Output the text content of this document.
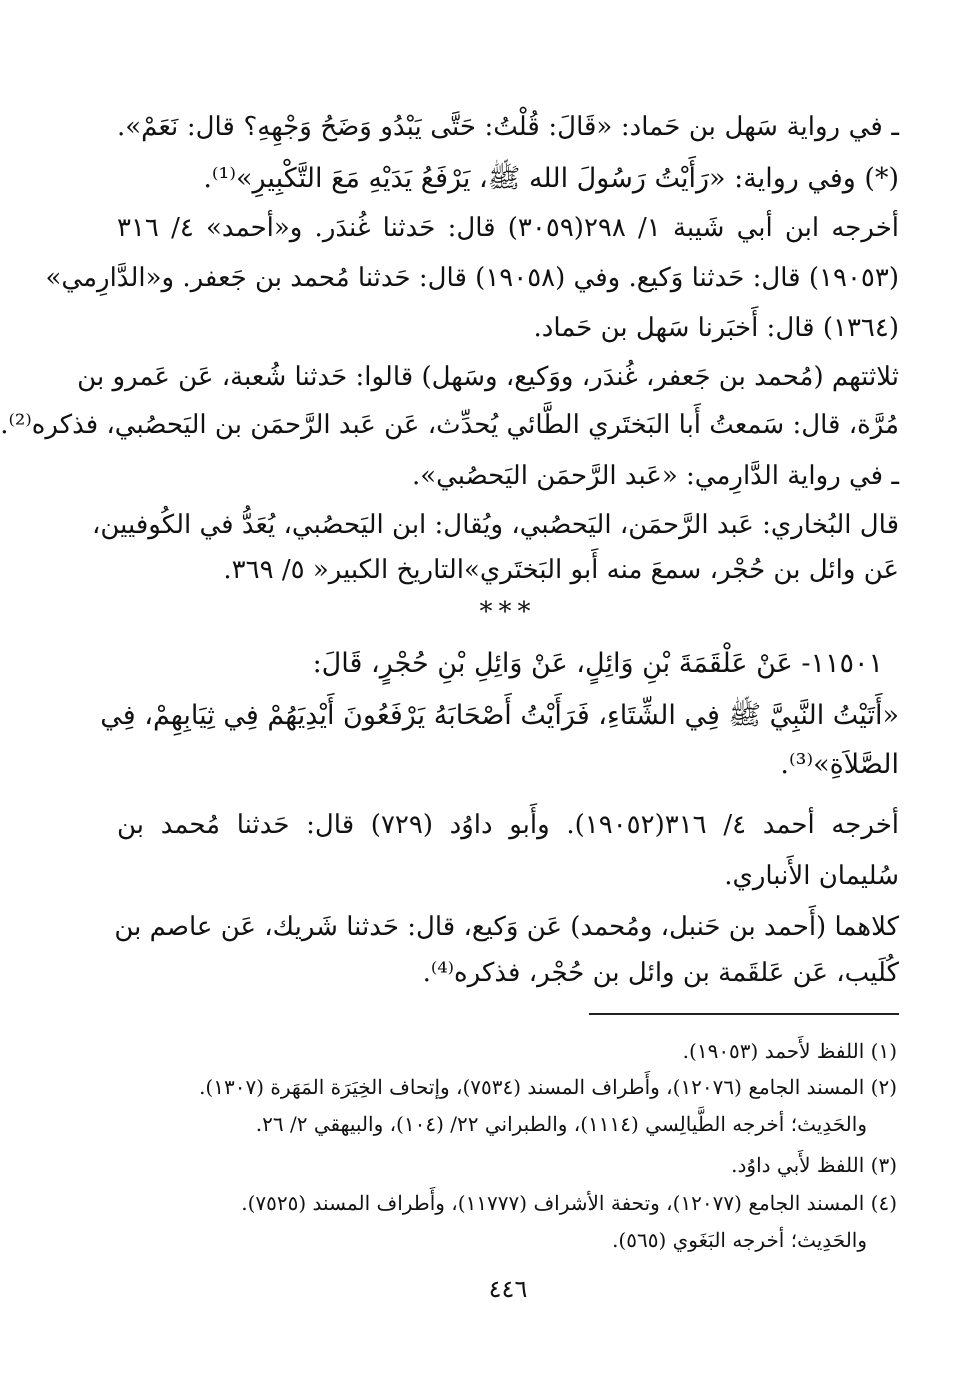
ـ في رواية سَهل بن حَماد: «قَالَ: قُلْتُ: حَتَّى يَبْدُو وَضَحُ وَجْهِهِ؟ قال: نَعَمْ».
(*) وفي رواية: «رَأَيْتُ رَسُولَ الله ﷺ، يَرْفَعُ يَدَيْهِ مَعَ التَّكْبِيرِ»⁽¹⁾.
أخرجه ابن أبي شَيبة ١/ ٢٩٨(٣٠٥٩) قال: حَدثنا غُندَر. و«أحمد» ٤/ ٣١٦
(١٩٠٥٣) قال: حَدثنا وَكيع. وفي (١٩٠٥٨) قال: حَدثنا مُحمد بن جَعفر. و«الدَّارِمي»
(١٣٦٤) قال: أَخبَرنا سَهل بن حَماد.
ثلاثتهم (مُحمد بن جَعفر، غُندَر، ووَكيع، وسَهل) قالوا: حَدثنا شُعبة، عَن عَمرو بن
مُرَّة، قال: سَمعتُ أَبا البَختَري الطَّائي يُحدِّث، عَن عَبد الرَّحمَن بن اليَحصُبي، فذكره⁽²⁾.
ـ في رواية الدَّارِمي: «عَبد الرَّحمَن اليَحصُبي».
قال البُخاري: عَبد الرَّحمَن، اليَحصُبي، ويُقال: ابن اليَحصُبي، يُعَدُّ في الكُوفيين،
عَن وائل بن حُجْر، سمعَ منه أَبو البَختَري»التاريخ الكبير« ٥/ ٣٦٩.
***
١١٥٠١- عَنْ عَلْقَمَةَ بْنِ وَائِلٍ، عَنْ وَائِلِ بْنِ حُجْرٍ، قَالَ:
«أَتَيْتُ النَّبِيَّ ﷺ فِي الشِّتَاءِ، فَرَأَيْتُ أَصْحَابَهُ يَرْفَعُونَ أَيْدِيَهُمْ فِي ثِيَابِهِمْ، فِي
الصَّلاَةِ»⁽³⁾.
أخرجه أحمد ٤/ ٣١٦(١٩٠٥٢). وأَبو داوُد (٧٢٩) قال: حَدثنا مُحمد بن
سُليمان الأَنباري.
كلاهما (أَحمد بن حَنبل، ومُحمد) عَن وَكيع، قال: حَدثنا شَريك، عَن عاصم بن
كُلَيب، عَن عَلقَمة بن وائل بن حُجْر، فذكره⁽⁴⁾.
(١) اللفظ لأَحمد (١٩٠٥٣).
(٢) المسند الجامع (١٢٠٧٦)، وأَطراف المسند (٧٥٣٤)، وإتحاف الخِيَرَة المَهَرة (١٣٠٧).
والحَدِيث؛ أخرجه الطَّيالِسي (١١١٤)، والطبراني ٢٢/ (١٠٤)، والبيهقي ٢/ ٢٦.
(٣) اللفظ لأَبي داوُد.
(٤) المسند الجامع (١٢٠٧٧)، وتحفة الأشراف (١١٧٧٧)، وأَطراف المسند (٧٥٢٥).
والحَدِيث؛ أخرجه البَغَوي (٥٦٥).
٤٤٦
